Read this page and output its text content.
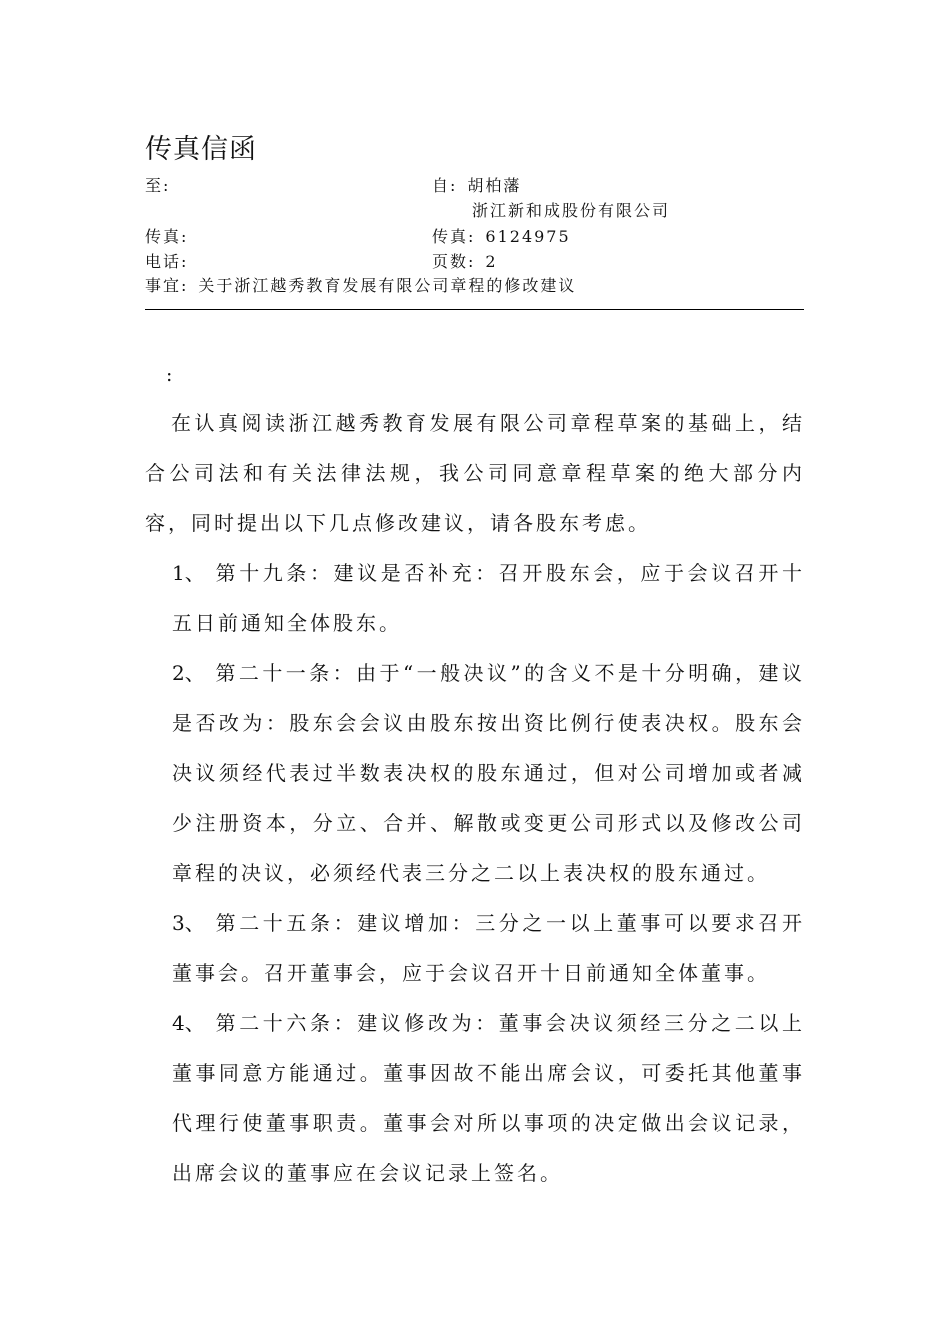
传真信函
至:	自: 胡柏藩
浙江新和成股份有限公司
传真:	传真: 6124975
电话:	页数: 2
事宜: 关于浙江越秀教育发展有限公司章程的修改建议
:

在认真阅读浙江越秀教育发展有限公司章程草案的基础上，结合公司法和有关法律法规，我公司同意章程草案的绝大部分内容，同时提出以下几点修改建议，请各股东考虑。

1、 第十九条：建议是否补充：召开股东会，应于会议召开十五日前通知全体股东。

2、 第二十一条：由于“一般决议”的含义不是十分明确，建议是否改为：股东会会议由股东按出资比例行使表决权。股东会决议须经代表过半数表决权的股东通过，但对公司增加或者减少注册资本，分立、合并、解散或变更公司形式以及修改公司章程的决议，必须经代表三分之二以上表决权的股东通过。

3、 第二十五条：建议增加：三分之一以上董事可以要求召开董事会。召开董事会，应于会议召开十日前通知全体董事。

4、 第二十六条：建议修改为：董事会决议须经三分之二以上董事同意方能通过。董事因故不能出席会议，可委托其他董事代理行使董事职责。董事会对所以事项的决定做出会议记录，出席会议的董事应在会议记录上签名。
